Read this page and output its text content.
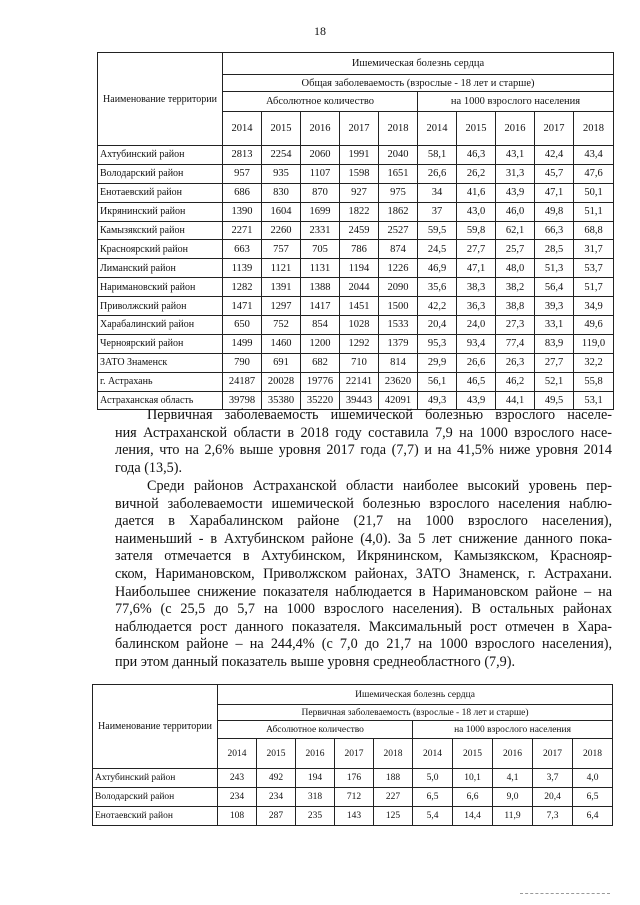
18
Наименование территории	Ишемическая болезнь сердца									
	Общая заболеваемость (взрослые - 18 лет и старше)									
	Абсолютное количество					на 1000 взрослого населения				
	2014	2015	2016	2017	2018	2014	2015	2016	2017	2018
Ахтубинский район	2813	2254	2060	1991	2040	58,1	46,3	43,1	42,4	43,4
Володарский район	957	935	1107	1598	1651	26,6	26,2	31,3	45,7	47,6
Енотаевский район	686	830	870	927	975	34	41,6	43,9	47,1	50,1
Икрянинский район	1390	1604	1699	1822	1862	37	43,0	46,0	49,8	51,1
Камызякский район	2271	2260	2331	2459	2527	59,5	59,8	62,1	66,3	68,8
Красноярский район	663	757	705	786	874	24,5	27,7	25,7	28,5	31,7
Лиманский район	1139	1121	1131	1194	1226	46,9	47,1	48,0	51,3	53,7
Наримановский район	1282	1391	1388	2044	2090	35,6	38,3	38,2	56,4	51,7
Приволжский район	1471	1297	1417	1451	1500	42,2	36,3	38,8	39,3	34,9
Харабалинский район	650	752	854	1028	1533	20,4	24,0	27,3	33,1	49,6
Черноярский район	1499	1460	1200	1292	1379	95,3	93,4	77,4	83,9	119,0
ЗАТО Знаменск	790	691	682	710	814	29,9	26,6	26,3	27,7	32,2
г. Астрахань	24187	20028	19776	22141	23620	56,1	46,5	46,2	52,1	55,8
Астраханская область	39798	35380	35220	39443	42091	49,3	43,9	44,1	49,5	53,1
Первичная заболеваемость ишемической болезнью взрослого населе-
ния Астраханской области в 2018 году составила 7,9 на 1000 взрослого насе-
ления, что на 2,6% выше уровня 2017 года (7,7) и на 41,5% ниже уровня 2014
года (13,5).
Среди районов Астраханской области наиболее высокий уровень пер-
вичной заболеваемости ишемической болезнью взрослого населения наблю-
дается в Харабалинском районе (21,7 на 1000 взрослого населения),
наименьший - в Ахтубинском районе (4,0). За 5 лет снижение данного пока-
зателя отмечается в Ахтубинском, Икрянинском, Камызякском, Краснояр-
ском, Наримановском, Приволжском районах, ЗАТО Знаменск, г. Астрахани.
Наибольшее снижение показателя наблюдается в Наримановском районе – на
77,6% (с 25,5 до 5,7 на 1000 взрослого населения). В остальных районах
наблюдается рост данного показателя. Максимальный рост отмечен в Хара-
балинском районе – на 244,4% (с 7,0 до 21,7 на 1000 взрослого населения),
при этом данный показатель выше уровня среднеобластного (7,9).
Наименование территории	Ишемическая болезнь сердца									
	Первичная заболеваемость (взрослые - 18 лет и старше)									
	Абсолютное количество					на 1000 взрослого населения				
	2014	2015	2016	2017	2018	2014	2015	2016	2017	2018
Ахтубинский район	243	492	194	176	188	5,0	10,1	4,1	3,7	4,0
Володарский район	234	234	318	712	227	6,5	6,6	9,0	20,4	6,5
Енотаевский район	108	287	235	143	125	5,4	14,4	11,9	7,3	6,4
